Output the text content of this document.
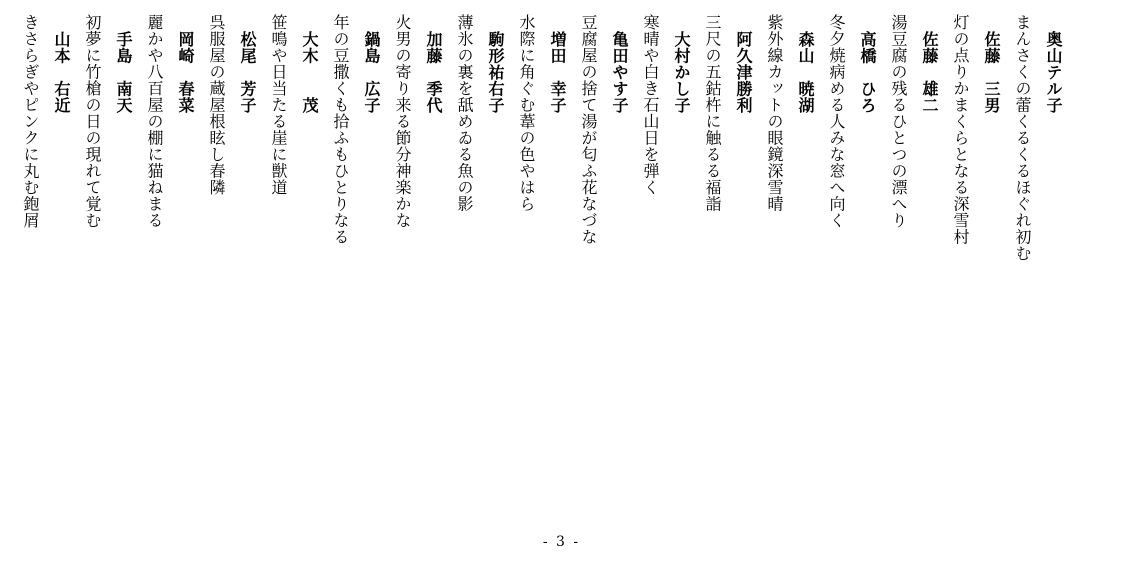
奥山テル子
まんさくの蕾くるくるほぐれ初む
佐藤　三男
灯の点りかまくらとなる深雪村
佐藤　雄二
湯豆腐の残るひとつの漂へり
高橋　ひろ
冬夕焼病める人みな窓へ向く
森山　暁湖
紫外線カットの眼鏡深雪晴
阿久津勝利
三尺の五鈷杵に触るる福詣
大村かし子
寒晴や白き石山日を弾く
亀田やす子
豆腐屋の捨て湯が匂ふ花なづな
増田　幸子
水際に角ぐむ葦の色やはら
駒形祐右子
薄氷の裏を舐めゐる魚の影
加藤　季代
火男の寄り来る節分神楽かな
鍋島　広子
年の豆撒くも拾ふもひとりなる
大木　　茂
笹鳴や日当たる崖に獣道
松尾　芳子
呉服屋の蔵屋根眩し春隣
岡崎　春菜
麗かや八百屋の棚に猫ねまる
手島　南天
初夢に竹槍の日の現れて覚む
山本　右近
きさらぎやピンクに丸む鉋屑
- 3 -
